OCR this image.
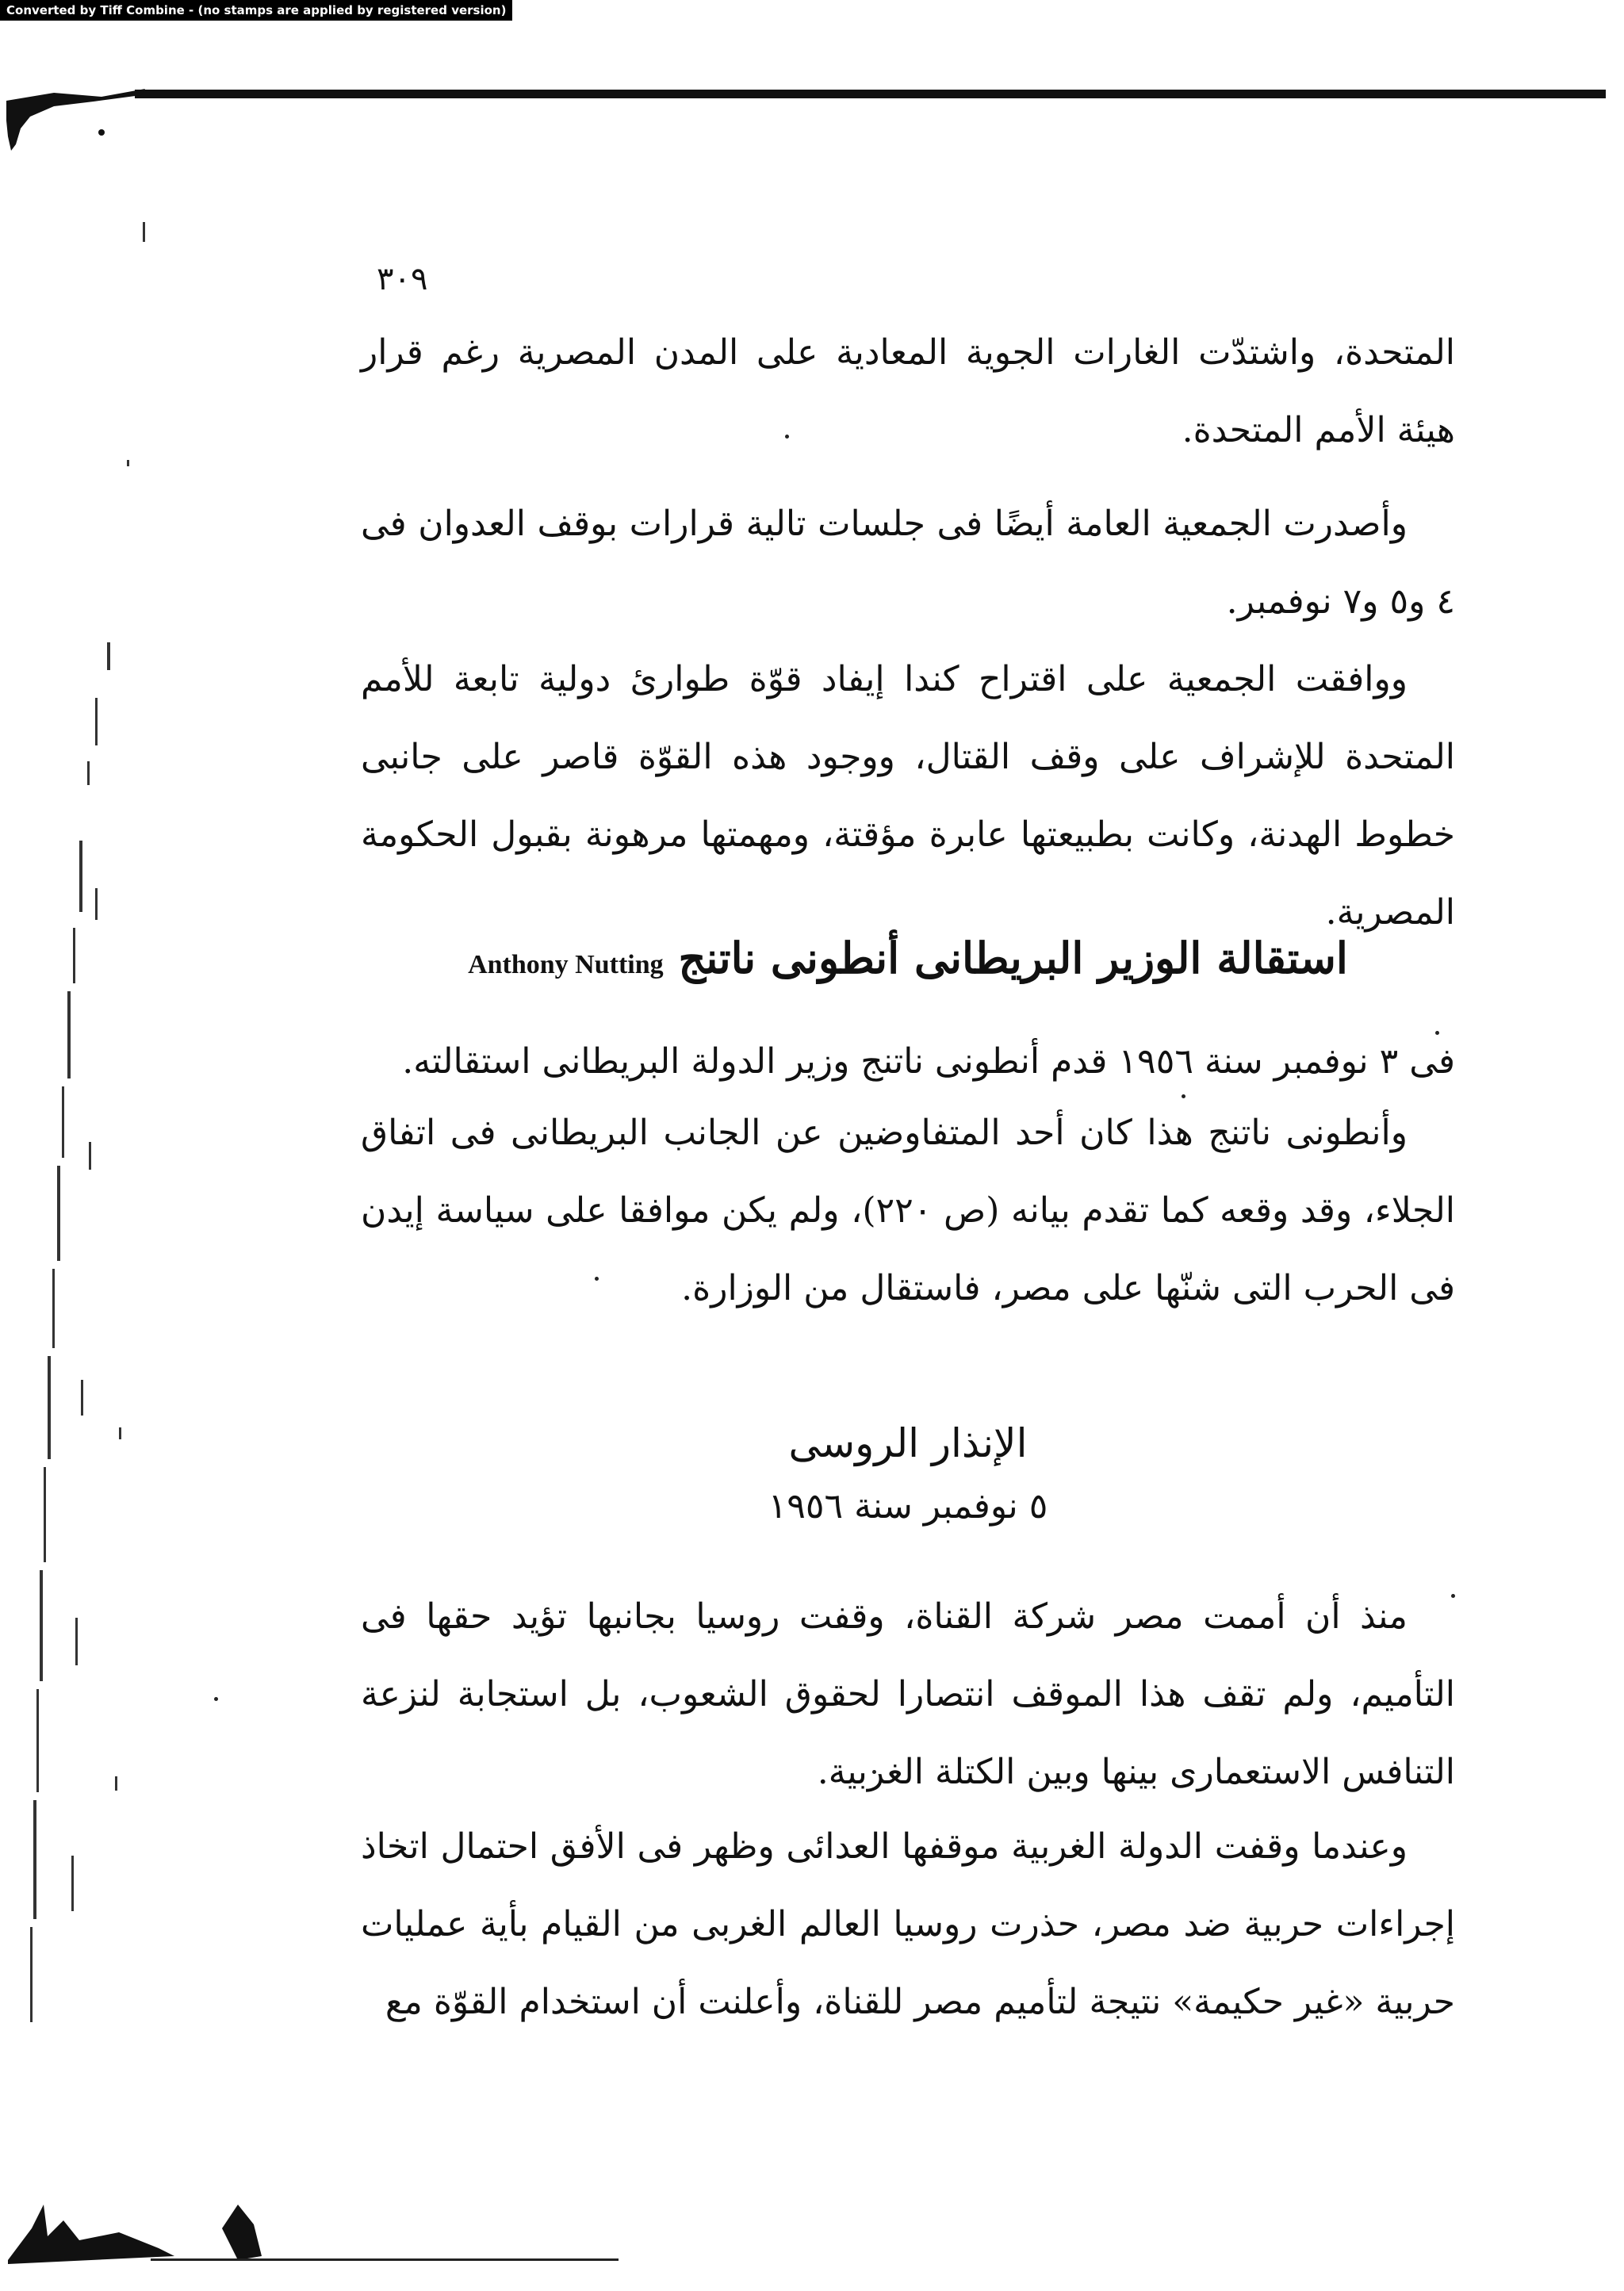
Converted by Tiff Combine - (no stamps are applied by registered version)
٣٠٩

المتحدة، واشتدّت الغارات الجوية المعادية على المدن المصرية رغم قرار هيئة الأمم المتحدة.

وأصدرت الجمعية العامة أيضًا فى جلسات تالية قرارات بوقف العدوان فى ٤ و٥ و٧ نوفمبر.

ووافقت الجمعية على اقتراح كندا إيفاد قوّة طوارئ دولية تابعة للأمم المتحدة للإشراف على وقف القتال، ووجود هذه القوّة قاصر على جانبى خطوط الهدنة، وكانت بطبيعتها عابرة مؤقتة، ومهمتها مرهونة بقبول الحكومة المصرية.

استقالة الوزير البريطانى أنطونى ناتنج Anthony Nutting

فى ٣ نوفمبر سنة ١٩٥٦ قدم أنطونى ناتنج وزير الدولة البريطانى استقالته.

وأنطونى ناتنج هذا كان أحد المتفاوضين عن الجانب البريطانى فى اتفاق الجلاء، وقد وقعه كما تقدم بيانه (ص ٢٢٠)، ولم يكن موافقا على سياسة إيدن فى الحرب التى شنّها على مصر، فاستقال من الوزارة.

الإنذار الروسى
٥ نوفمبر سنة ١٩٥٦

منذ أن أممت مصر شركة القناة، وقفت روسيا بجانبها تؤيد حقها فى التأميم، ولم تقف هذا الموقف انتصارا لحقوق الشعوب، بل استجابة لنزعة التنافس الاستعمارى بينها وبين الكتلة الغربية.

وعندما وقفت الدولة الغربية موقفها العدائى وظهر فى الأفق احتمال اتخاذ إجراءات حربية ضد مصر، حذرت روسيا العالم الغربى من القيام بأية عمليات حربية «غير حكيمة» نتيجة لتأميم مصر للقناة، وأعلنت أن استخدام القوّة مع
